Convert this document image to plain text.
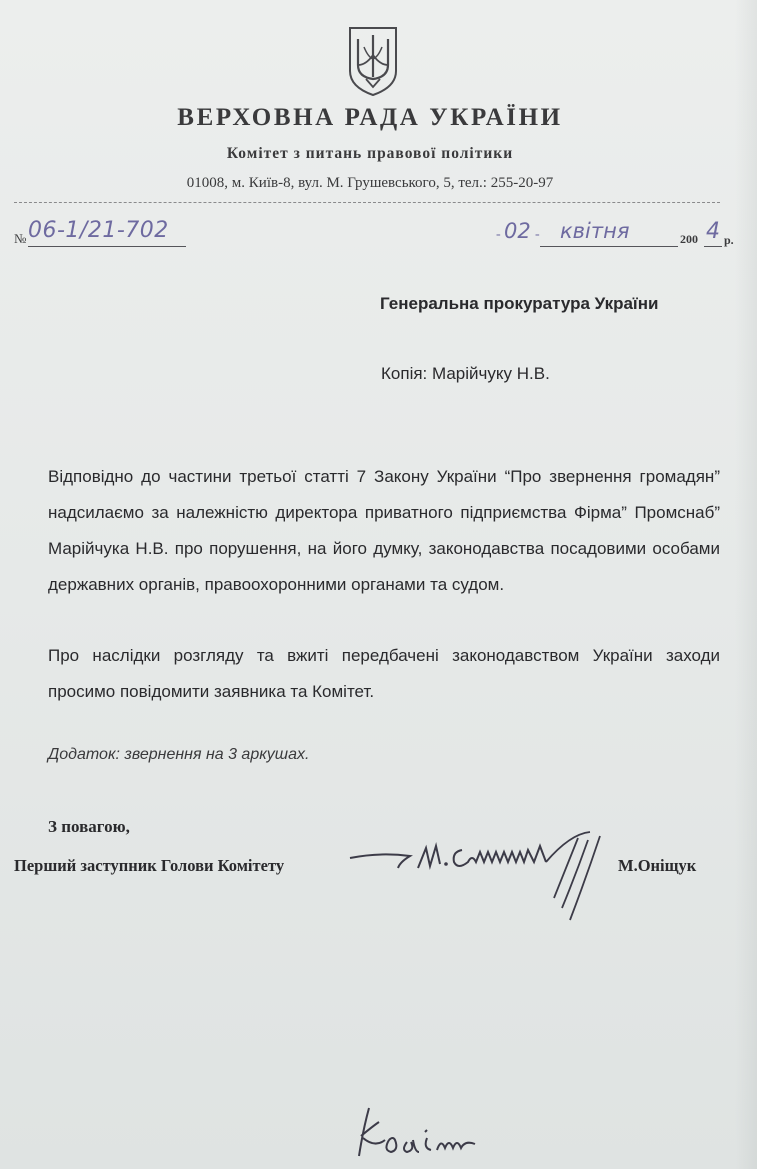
ВЕРХОВНА РАДА УКРАЇНИ
Комітет з питань правової політики
01008, м. Київ-8, вул. М. Грушевського, 5, тел.: 255-20-97
№ 06-1/21-702	- 02 - квітня	200 4 р.
Генеральна прокуратура України
Копія: Марійчуку Н.В.
Відповідно до частини третьої статті 7 Закону України “Про звернення громадян” надсилаємо за належністю директора приватного підприємства Фірма” Промснаб” Марійчука Н.В. про порушення, на його думку, законодавства посадовими особами державних органів, правоохоронними органами та судом.
Про наслідки розгляду та вжиті передбачені законодавством України заходи просимо повідомити заявника та Комітет.
Додаток: звернення на 3 аркушах.
З повагою,
Перший заступник Голови Комітету	М.Оніщук
